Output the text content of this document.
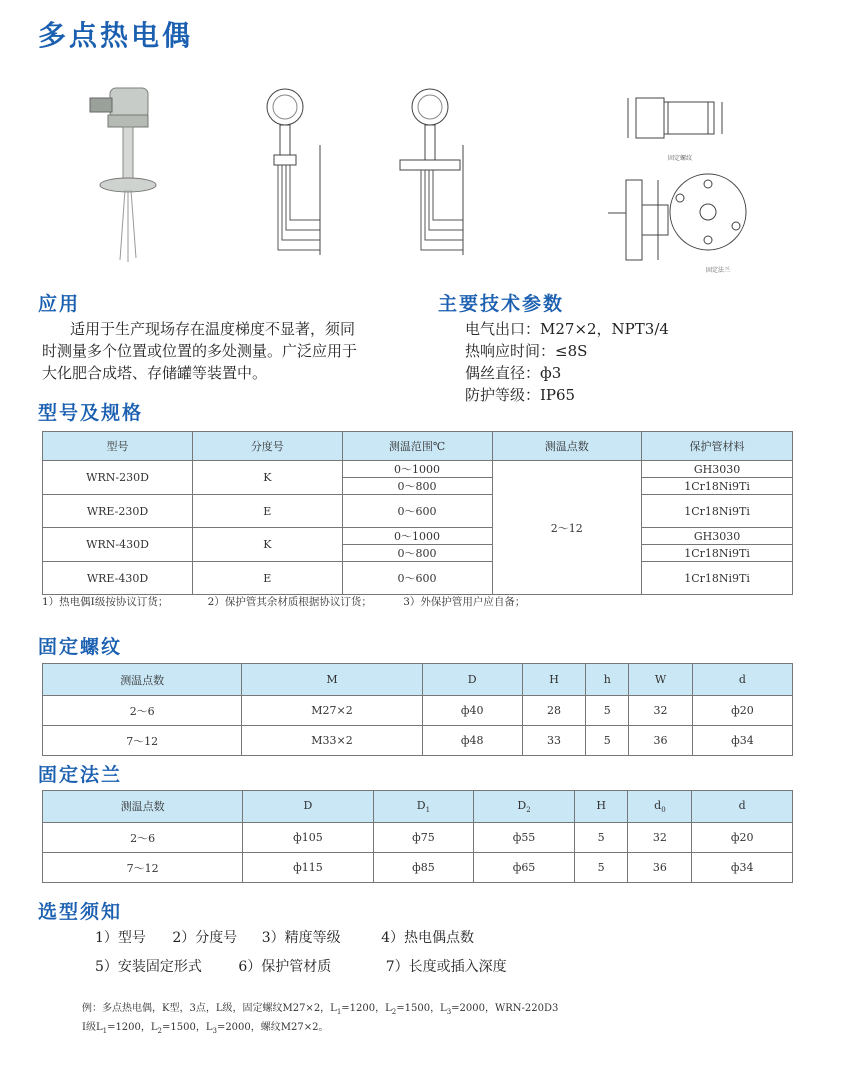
多点热电偶
固定螺纹
固定法兰
应用
适用于生产现场存在温度梯度不显著，须同
时测量多个位置或位置的多处测量。广泛应用于
大化肥合成塔、存储罐等装置中。
主要技术参数
电气出口：M27×2，NPT3/4
热响应时间：≤8S
偶丝直径：ф3
防护等级：IP65
型号及规格
型号	分度号	测温范围℃	测温点数	保护管材料
WRN-230D	K	0～1000	2～12	GH3030
		0～800		1Cr18Ni9Ti
WRE-230D	E	0～600		1Cr18Ni9Ti
WRN-430D	K	0～1000		GH3030
		0～800		1Cr18Ni9Ti
WRE-430D	E	0～600		1Cr18Ni9Ti
1）热电偶Ⅰ级按协议订货；	2）保护管其余材质根据协议订货；	3）外保护管用户应自备；
固定螺纹
测温点数	M	D	H	h	W	d
2～6	M27×2	ф40	28	5	32	ф20
7～12	M33×2	ф48	33	5	36	ф34
固定法兰
测温点数	D	$D_1$	$D_2$	H	$d_0$	d
2～6	ф105	ф75	ф55	5	32	ф20
7～12	ф115	ф85	ф65	5	36	ф34
选型须知
1）型号 2）分度号 3）精度等级	4）热电偶点数
5）安装固定形式	6）保护管材质	7）长度或插入深度
例：多点热电偶，K型，3点，L级，固定螺纹M27×2，$L_1=1200$，$L_2=1500$，$L_3=2000$，WRN-220D3
I级$L_1=1200$，$L_2=1500$，$L_3=2000$，螺纹M27×2。
